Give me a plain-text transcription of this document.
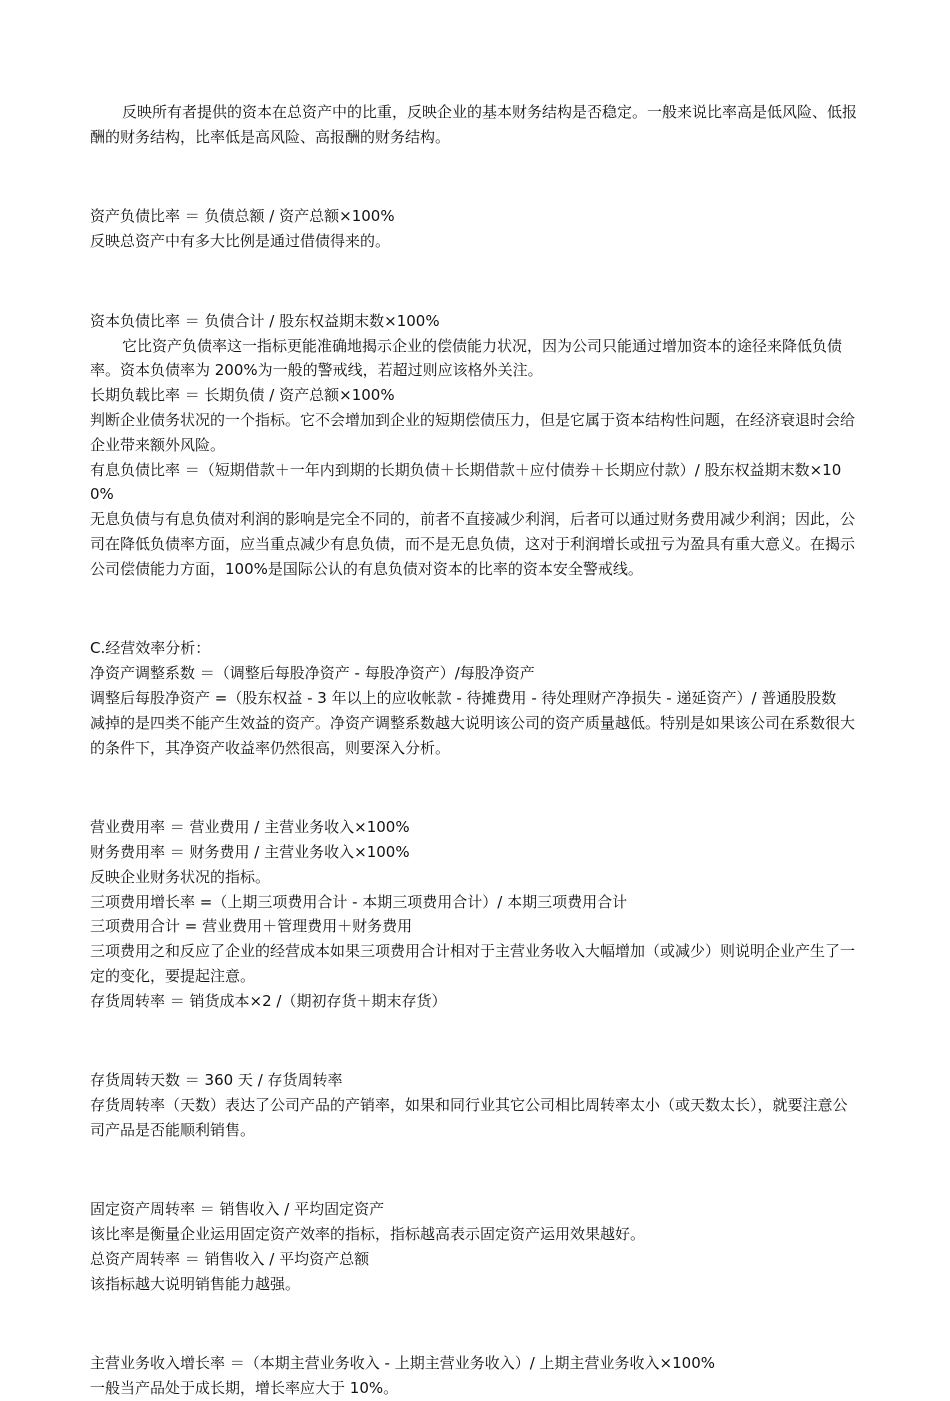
反映所有者提供的资本在总资产中的比重，反映企业的基本财务结构是否稳定。一般来说比率高是低风险、低报酬的财务结构，比率低是高风险、高报酬的财务结构。

资产负债比率 ＝ 负债总额 / 资产总额×100%

反映总资产中有多大比例是通过借债得来的。

资本负债比率 ＝ 负债合计 / 股东权益期末数×100%

它比资产负债率这一指标更能准确地揭示企业的偿债能力状况，因为公司只能通过增加资本的途径来降低负债率。资本负债率为 200%为一般的警戒线，若超过则应该格外关注。

长期负载比率 ＝ 长期负债 / 资产总额×100%

判断企业债务状况的一个指标。它不会增加到企业的短期偿债压力，但是它属于资本结构性问题，在经济衰退时会给企业带来额外风险。

有息负债比率 ＝（短期借款＋一年内到期的长期负债＋长期借款＋应付债券＋长期应付款）/ 股东权益期末数×100%

无息负债与有息负债对利润的影响是完全不同的，前者不直接减少利润，后者可以通过财务费用减少利润；因此，公司在降低负债率方面，应当重点减少有息负债，而不是无息负债，这对于利润增长或扭亏为盈具有重大意义。在揭示公司偿债能力方面，100%是国际公认的有息负债对资本的比率的资本安全警戒线。

C.经营效率分析：

净资产调整系数 ＝（调整后每股净资产 - 每股净资产）/每股净资产

调整后每股净资产 =（股东权益 - 3 年以上的应收帐款 - 待摊费用 - 待处理财产净损失 - 递延资产）/ 普通股股数

减掉的是四类不能产生效益的资产。净资产调整系数越大说明该公司的资产质量越低。特别是如果该公司在系数很大的条件下，其净资产收益率仍然很高，则要深入分析。

营业费用率 ＝ 营业费用 / 主营业务收入×100%

财务费用率 ＝ 财务费用 / 主营业务收入×100%

反映企业财务状况的指标。

三项费用增长率 =（上期三项费用合计 - 本期三项费用合计）/ 本期三项费用合计

三项费用合计 = 营业费用＋管理费用＋财务费用

三项费用之和反应了企业的经营成本如果三项费用合计相对于主营业务收入大幅增加（或减少）则说明企业产生了一定的变化，要提起注意。

存货周转率 ＝ 销货成本×2 /（期初存货＋期末存货）

存货周转天数 ＝ 360 天 / 存货周转率

存货周转率（天数）表达了公司产品的产销率，如果和同行业其它公司相比周转率太小（或天数太长），就要注意公司产品是否能顺利销售。

固定资产周转率 ＝ 销售收入 / 平均固定资产

该比率是衡量企业运用固定资产效率的指标，指标越高表示固定资产运用效果越好。

总资产周转率 ＝ 销售收入 / 平均资产总额

该指标越大说明销售能力越强。

主营业务收入增长率 ＝（本期主营业务收入 - 上期主营业务收入）/ 上期主营业务收入×100%

一般当产品处于成长期，增长率应大于 10%。
